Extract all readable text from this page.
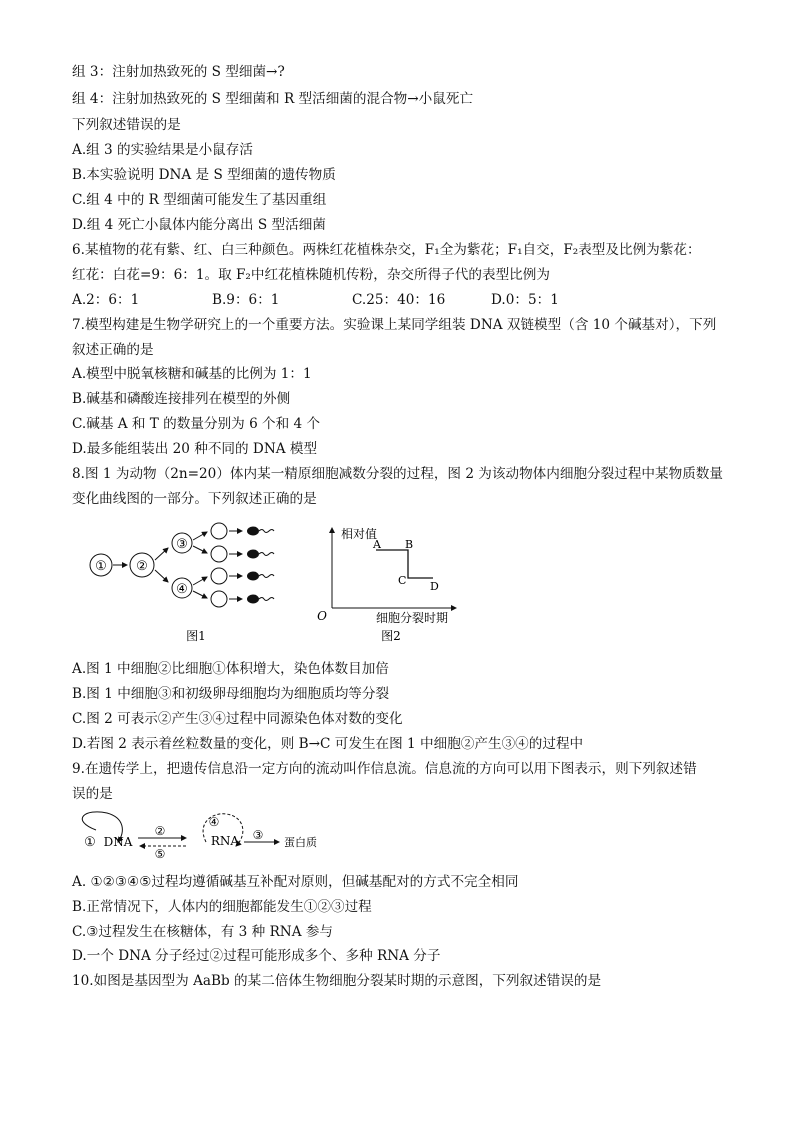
组 3：注射加热致死的 S 型细菌→?
组 4：注射加热致死的 S 型细菌和 R 型活细菌的混合物→小鼠死亡
下列叙述错误的是
A.组 3 的实验结果是小鼠存活
B.本实验说明 DNA 是 S 型细菌的遗传物质
C.组 4 中的 R 型细菌可能发生了基因重组
D.组 4 死亡小鼠体内能分离出 S 型活细菌
6.某植物的花有紫、红、白三种颜色。两株红花植株杂交，F₁全为紫花；F₁自交，F₂表型及比例为紫花：
红花：白花=9：6：1。取 F₂中红花植株随机传粉，杂交所得子代的表型比例为
A.2：6：1	B.9：6：1	C.25：40：16	D.0：5：1
7.模型构建是生物学研究上的一个重要方法。实验课上某同学组装 DNA 双链模型（含 10 个碱基对），下列
叙述正确的是
A.模型中脱氧核糖和碱基的比例为 1：1
B.碱基和磷酸连接排列在模型的外侧
C.碱基 A 和 T 的数量分别为 6 个和 4 个
D.最多能组装出 20 种不同的 DNA 模型
8.图 1 为动物（2n=20）体内某一精原细胞减数分裂的过程，图 2 为该动物体内细胞分裂过程中某物质数量
变化曲线图的一部分。下列叙述正确的是
① ②
③
④
图1
相对值
细胞分裂时期
O
A B
C D
图2
① DNA
②
⑤
④
RNA ③
蛋白质
A.图 1 中细胞②比细胞①体积增大，染色体数目加倍
B.图 1 中细胞③和初级卵母细胞均为细胞质均等分裂
C.图 2 可表示②产生③④过程中同源染色体对数的变化
D.若图 2 表示着丝粒数量的变化，则 B→C 可发生在图 1 中细胞②产生③④的过程中
9.在遗传学上，把遗传信息沿一定方向的流动叫作信息流。信息流的方向可以用下图表示，则下列叙述错
误的是
A. ①②③④⑤过程均遵循碱基互补配对原则，但碱基配对的方式不完全相同
B.正常情况下，人体内的细胞都能发生①②③过程
C.③过程发生在核糖体，有 3 种 RNA 参与
D.一个 DNA 分子经过②过程可能形成多个、多种 RNA 分子
10.如图是基因型为 AaBb 的某二倍体生物细胞分裂某时期的示意图，下列叙述错误的是
